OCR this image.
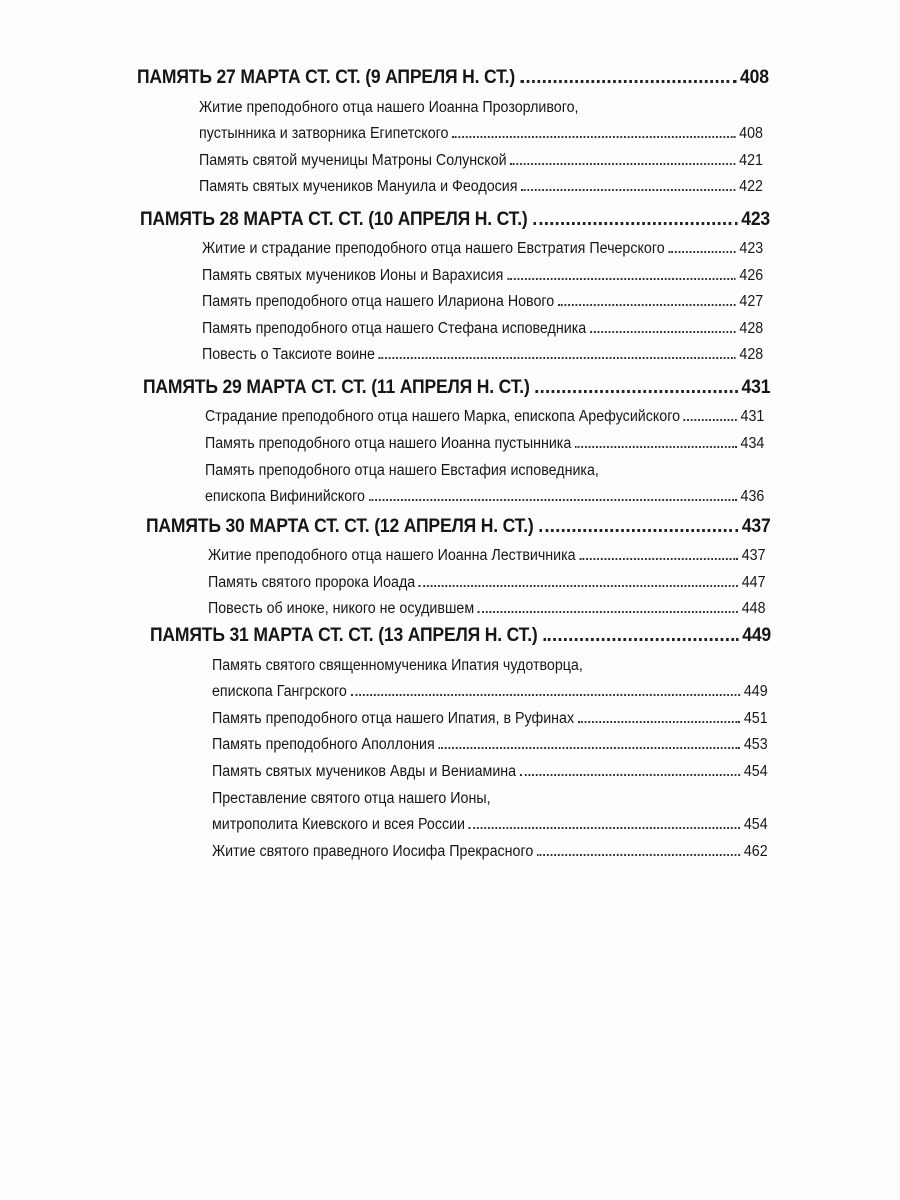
ПАМЯТЬ 27 МАРТА СТ. СТ. (9 АПРЕЛЯ Н. СТ.)	408
Житие преподобного отца нашего Иоанна Прозорливого,
пустынника и затворника Египетского	408
Память святой мученицы Матроны Солунской	421
Память святых мучеников Мануила и Феодосия	422
ПАМЯТЬ 28 МАРТА СТ. СТ. (10 АПРЕЛЯ Н. СТ.)	423
Житие и страдание преподобного отца нашего Евстратия Печерского	423
Память святых мучеников Ионы и Варахисия	426
Память преподобного отца нашего Илариона Нового	427
Память преподобного отца нашего Стефана исповедника	428
Повесть о Таксиоте воине	428
ПАМЯТЬ 29 МАРТА СТ. СТ. (11 АПРЕЛЯ Н. СТ.)	431
Страдание преподобного отца нашего Марка, епископа Арефусийского	431
Память преподобного отца нашего Иоанна пустынника	434
Память преподобного отца нашего Евстафия исповедника,
епископа Вифинийского	436
ПАМЯТЬ 30 МАРТА СТ. СТ. (12 АПРЕЛЯ Н. СТ.)	437
Житие преподобного отца нашего Иоанна Лествичника	437
Память святого пророка Иоада	447
Повесть об иноке, никого не осудившем	448
ПАМЯТЬ 31 МАРТА СТ. СТ. (13 АПРЕЛЯ Н. СТ.)	449
Память святого священномученика Ипатия чудотворца,
епископа Гангрского	449
Память преподобного отца нашего Ипатия, в Руфинах	451
Память преподобного Аполлония	453
Память святых мучеников Авды и Вениамина	454
Преставление святого отца нашего Ионы,
митрополита Киевского и всея России	454
Житие святого праведного Иосифа Прекрасного	462
